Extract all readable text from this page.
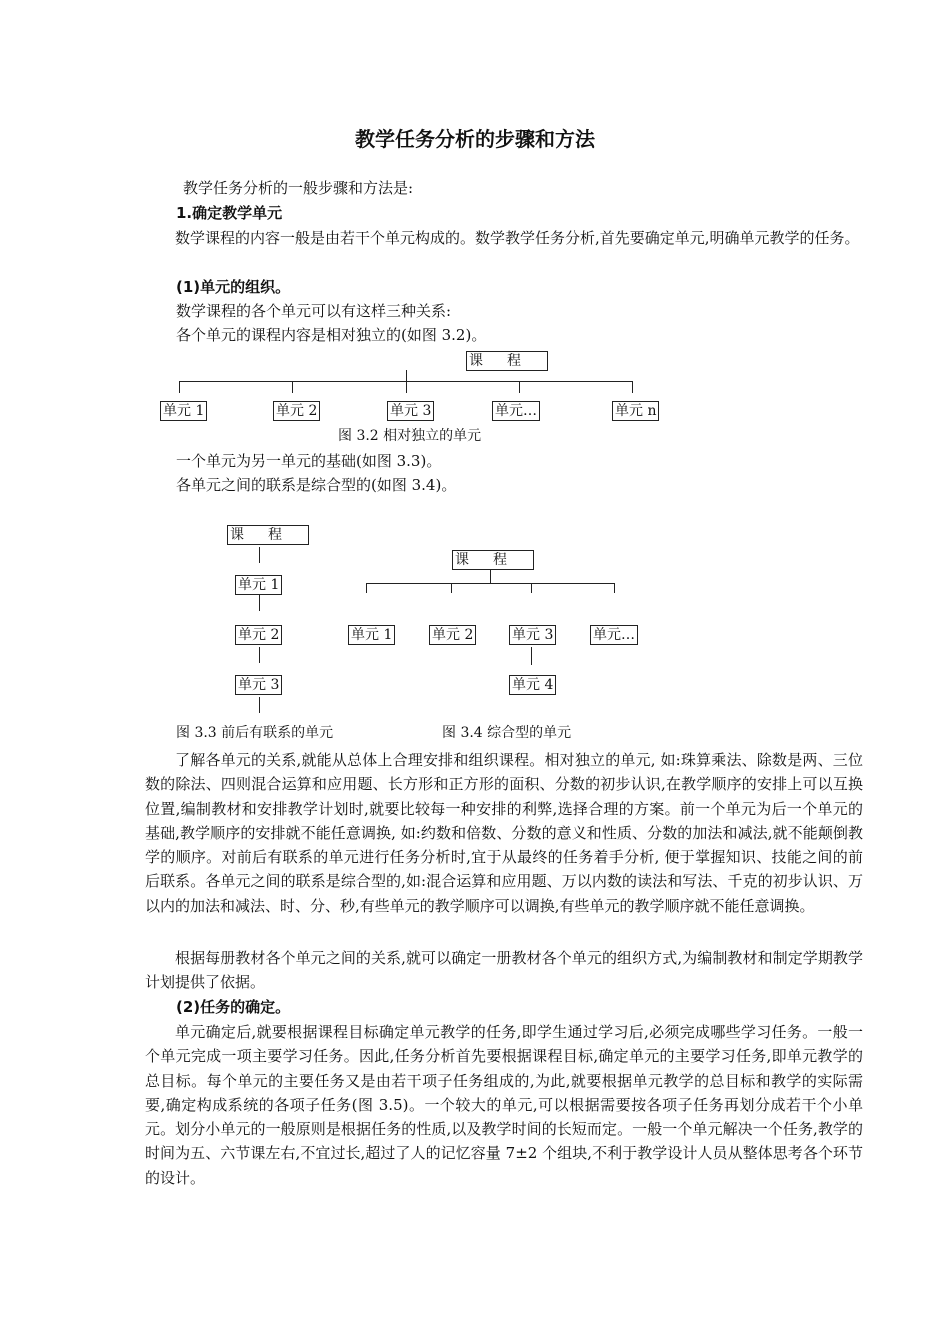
教学任务分析的步骤和方法
教学任务分析的一般步骤和方法是:
1.确定教学单元
数学课程的内容一般是由若干个单元构成的。数学教学任务分析,首先要确定单元,明确单元教学的任务。
(1)单元的组织。
数学课程的各个单元可以有这样三种关系:
各个单元的课程内容是相对独立的(如图 3.2)。
课程
单元 1	单元 2	单元 3	单元…	单元 n
图 3.2 相对独立的单元
一个单元为另一单元的基础(如图 3.3)。
各单元之间的联系是综合型的(如图 3.4)。
课程
单元 1
单元 2
单元 3
图 3.3 前后有联系的单元
课程
单元 1	单元 2	单元 3	单元…
单元 4
图 3.4 综合型的单元
了解各单元的关系,就能从总体上合理安排和组织课程。相对独立的单元, 如:珠算乘法、除数是两、三位数的除法、四则混合运算和应用题、长方形和正方形的面积、分数的初步认识,在教学顺序的安排上可以互换位置,编制教材和安排教学计划时,就要比较每一种安排的利弊,选择合理的方案。前一个单元为后一个单元的基础,教学顺序的安排就不能任意调换, 如:约数和倍数、分数的意义和性质、分数的加法和减法,就不能颠倒教学的顺序。对前后有联系的单元进行任务分析时,宜于从最终的任务着手分析, 便于掌握知识、技能之间的前后联系。各单元之间的联系是综合型的,如:混合运算和应用题、万以内数的读法和写法、千克的初步认识、万以内的加法和减法、时、分、秒,有些单元的教学顺序可以调换,有些单元的教学顺序就不能任意调换。
根据每册教材各个单元之间的关系,就可以确定一册教材各个单元的组织方式,为编制教材和制定学期教学计划提供了依据。
(2)任务的确定。
单元确定后,就要根据课程目标确定单元教学的任务,即学生通过学习后,必须完成哪些学习任务。一般一个单元完成一项主要学习任务。因此,任务分析首先要根据课程目标,确定单元的主要学习任务,即单元教学的总目标。每个单元的主要任务又是由若干项子任务组成的,为此,就要根据单元教学的总目标和教学的实际需要,确定构成系统的各项子任务(图 3.5)。一个较大的单元,可以根据需要按各项子任务再划分成若干个小单元。划分小单元的一般原则是根据任务的性质,以及教学时间的长短而定。一般一个单元解决一个任务,教学的时间为五、六节课左右,不宜过长,超过了人的记忆容量 7±2 个组块,不利于教学设计人员从整体思考各个环节的设计。
